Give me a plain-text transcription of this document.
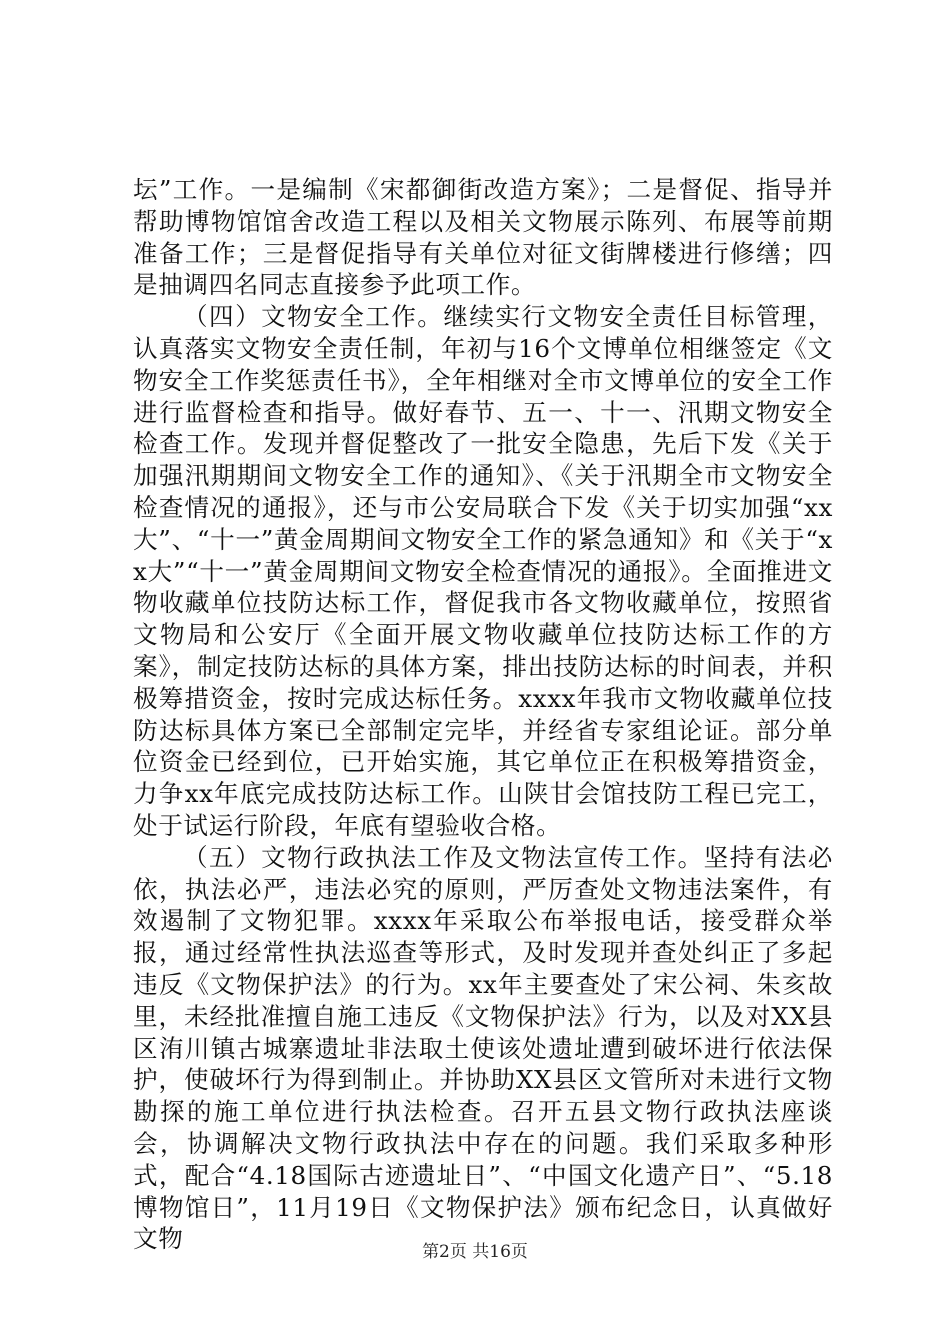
坛”工作。一是编制《宋都御街改造方案》；二是督促、指导并帮助博物馆馆舍改造工程以及相关文物展示陈列、布展等前期准备工作；三是督促指导有关单位对征文街牌楼进行修缮；四是抽调四名同志直接参予此项工作。

（四）文物安全工作。继续实行文物安全责任目标管理，认真落实文物安全责任制，年初与16个文博单位相继签定《文物安全工作奖惩责任书》，全年相继对全市文博单位的安全工作进行监督检查和指导。做好春节、五一、十一、汛期文物安全检查工作。发现并督促整改了一批安全隐患，先后下发《关于加强汛期期间文物安全工作的通知》、《关于汛期全市文物安全检查情况的通报》，还与市公安局联合下发《关于切实加强“xx大”、“十一”黄金周期间文物安全工作的紧急通知》和《关于“xx大”“十一”黄金周期间文物安全检查情况的通报》。全面推进文物收藏单位技防达标工作，督促我市各文物收藏单位，按照省文物局和公安厅《全面开展文物收藏单位技防达标工作的方案》，制定技防达标的具体方案，排出技防达标的时间表，并积极筹措资金，按时完成达标任务。xxxx年我市文物收藏单位技防达标具体方案已全部制定完毕，并经省专家组论证。部分单位资金已经到位，已开始实施，其它单位正在积极筹措资金，力争xx年底完成技防达标工作。山陕甘会馆技防工程已完工，处于试运行阶段，年底有望验收合格。

（五）文物行政执法工作及文物法宣传工作。坚持有法必依，执法必严，违法必究的原则，严厉查处文物违法案件，有效遏制了文物犯罪。xxxx年采取公布举报电话，接受群众举报，通过经常性执法巡查等形式，及时发现并查处纠正了多起违反《文物保护法》的行为。xx年主要查处了宋公祠、朱亥故里，未经批准擅自施工违反《文物保护法》行为，以及对XX县区洧川镇古城寨遗址非法取土使该处遗址遭到破坏进行依法保护，使破坏行为得到制止。并协助XX县区文管所对未进行文物勘探的施工单位进行执法检查。召开五县文物行政执法座谈会，协调解决文物行政执法中存在的问题。我们采取多种形式，配合“4.18国际古迹遗址日”、“中国文化遗产日”、“5.18博物馆日”，11月19日《文物保护法》颁布纪念日，认真做好文物	第2页 共16页
